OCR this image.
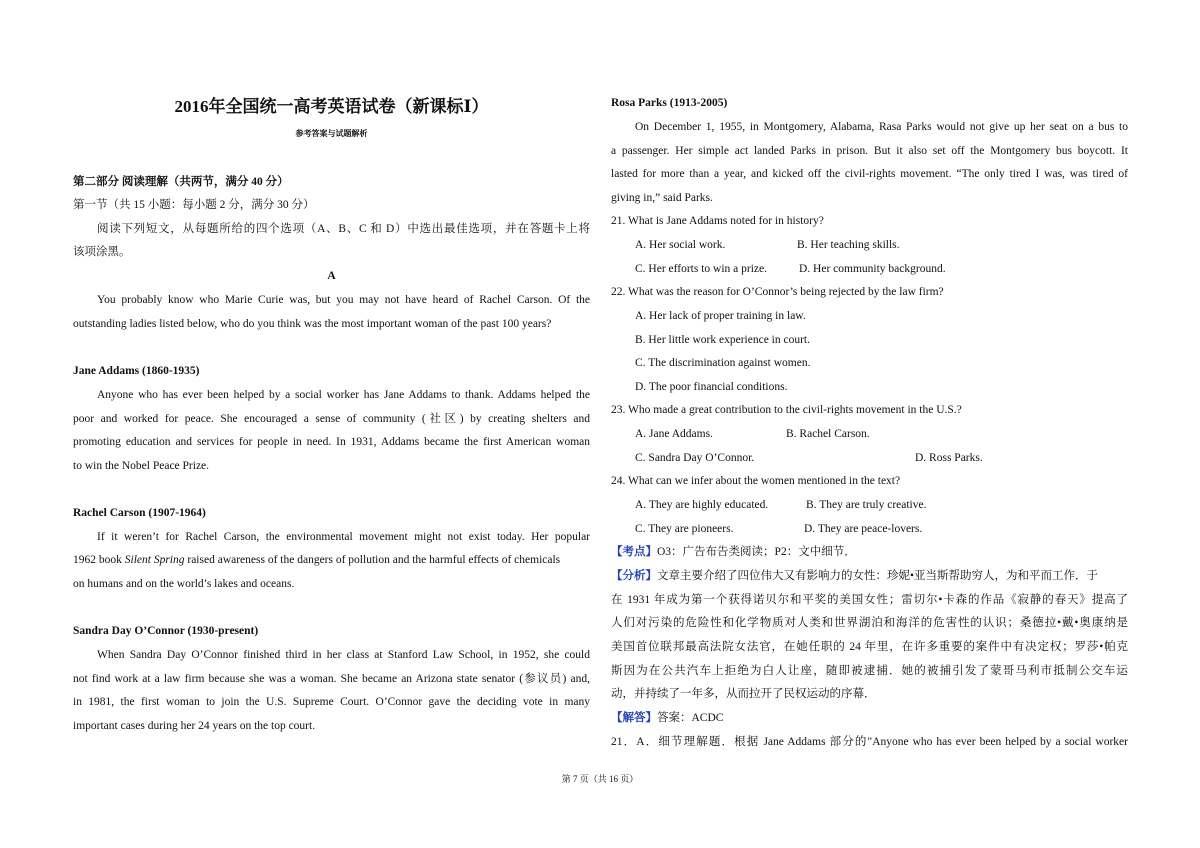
2016年全国统一高考英语试卷（新课标Ⅰ）
参考答案与试题解析
第二部分 阅读理解（共两节，满分 40 分）
第一节（共 15 小题：每小题 2 分，满分 30 分）
阅读下列短文，从每题所给的四个选项（A、B、C 和 D）中选出最佳选项，并在答题卡上将
该项涂黑。
A
You probably know who Marie Curie was, but you may not have heard of Rachel Carson. Of the
outstanding ladies listed below, who do you think was the most important woman of the past 100 years?
Jane Addams (1860-1935)
Anyone who has ever been helped by a social worker has Jane Addams to thank. Addams helped the
poor and worked for peace. She encouraged a sense of community (社区) by creating shelters and
promoting education and services for people in need. In 1931, Addams became the first American woman
to win the Nobel Peace Prize.
Rachel Carson (1907-1964)
If it weren’t for Rachel Carson, the environmental movement might not exist today. Her popular
1962 book Silent Spring raised awareness of the dangers of pollution and the harmful effects of chemicals
on humans and on the world’s lakes and oceans.
Sandra Day O’Connor (1930-present)
When Sandra Day O’Connor finished third in her class at Stanford Law School, in 1952, she could
not find work at a law firm because she was a woman. She became an Arizona state senator (参议员) and,
in 1981, the first woman to join the U.S. Supreme Court. O’Connor gave the deciding vote in many
important cases during her 24 years on the top court.
Rosa Parks (1913-2005)
On December 1, 1955, in Montgomery, Alabama, Rasa Parks would not give up her seat on a bus to
a passenger. Her simple act landed Parks in prison. But it also set off the Montgomery bus boycott. It
lasted for more than a year, and kicked off the civil-rights movement. “The only tired I was, was tired of
giving in,” said Parks.
21. What is Jane Addams noted for in history?
A. Her social work.	B. Her teaching skills.
C. Her efforts to win a prize.	D. Her community background.
22. What was the reason for O’Connor’s being rejected by the law firm?
A. Her lack of proper training in law.
B. Her little work experience in court.
C. The discrimination against women.
D. The poor financial conditions.
23. Who made a great contribution to the civil-rights movement in the U.S.?
A. Jane Addams.	B. Rachel Carson.
C. Sandra Day O’Connor.	D. Ross Parks.
24. What can we infer about the women mentioned in the text?
A. They are highly educated.	B. They are truly creative.
C. They are pioneers.	D. They are peace-lovers.
【考点】O3：广告布告类阅读；P2：文中细节．
【分析】文章主要介绍了四位伟大又有影响力的女性：珍妮•亚当斯帮助穷人，为和平而工作．于
在 1931 年成为第一个获得诺贝尔和平奖的美国女性；雷切尔•卡森的作品《寂静的春天》提高了
人们对污染的危险性和化学物质对人类和世界湖泊和海洋的危害性的认识；桑德拉•戴•奥康纳是
美国首位联邦最高法院女法官，在她任职的 24 年里，在许多重要的案件中有决定权；罗莎•帕克
斯因为在公共汽车上拒绝为白人让座，随即被逮捕．她的被捕引发了蒙哥马利市抵制公交车运
动，并持续了一年多，从而拉开了民权运动的序幕．
【解答】答案：ACDC
21．A．细节理解题．根据 Jane Addams 部分的"Anyone who has ever been helped by a social worker
第 7 页（共 16 页）
